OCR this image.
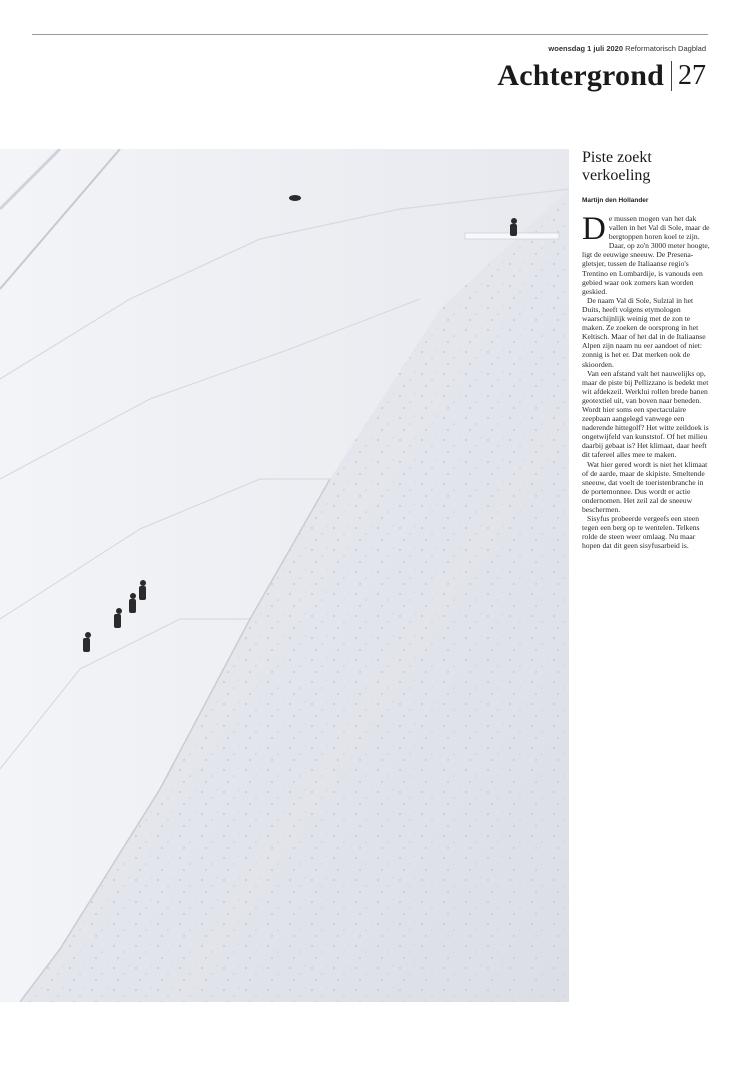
woensdag 1 juli 2020 Reformatorisch Dagblad
Achtergrond 27
Piste zoekt
verkoeling
Martijn den Hollander

De mussen mogen van het dak vallen in het Val di Sole, maar de bergtoppen horen koel te zijn. Daar, op zo'n 3000 meter hoogte, ligt de eeuwige sneeuw. De Presena-gletsjer, tussen de Italiaanse regio's Trentino en Lombardije, is vanouds een gebied waar ook zomers kan worden geskied.

De naam Val di Sole, Sulztal in het Duits, heeft volgens etymologen waarschijnlijk weinig met de zon te maken. Ze zoeken de oorsprong in het Keltisch. Maar of het dal in de Italiaanse Alpen zijn naam nu eer aandoet of niet: zonnig is het er. Dat merken ook de skioorden.

Van een afstand valt het nauwelijks op, maar de piste bij Pellizzano is bedekt met wit afdekzeil. Werklui rollen brede banen geotextiel uit, van boven naar beneden. Wordt hier soms een spectaculaire zeepbaan aangelegd vanwege een naderende hittegolf? Het witte zeildoek is ongetwijfeld van kunststof. Of het milieu daarbij gebaat is? Het klimaat, daar heeft dit tafereel alles mee te maken.

Wat hier gered wordt is niet het klimaat of de aarde, maar de skipiste. Smeltende sneeuw, dat voelt de toeristenbranche in de portemonnee. Dus wordt er actie ondernomen. Het zeil zal de sneeuw beschermen.

Sisyfus probeerde vergeefs een steen tegen een berg op te wentelen. Telkens rolde de steen weer omlaag. Nu maar hopen dat dit geen sisyfusarbeid is.
